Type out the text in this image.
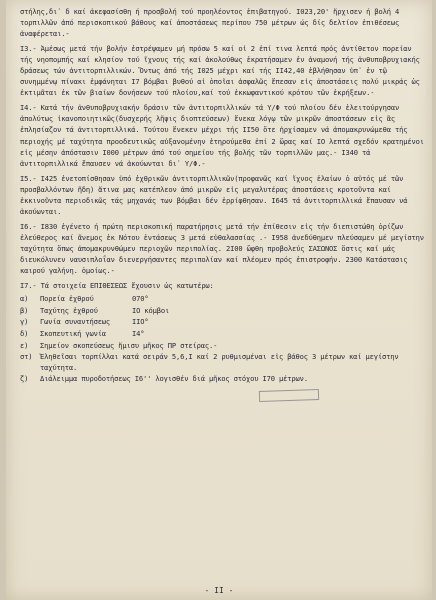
στήλης,δι᾽ δ καί ἀκεφασίσθη ή προσβολή τού προηλέοντος ἐπιβατηγού. Ι023,20' ἤρχισεν ή βολή 4 τορπιλλῶν ἀπό περισκοπικού βάθους καί ἀποστάσεως περίπου 750 μέτρων ώς δίς δελτίον ἐπιθέσεως ἀναφέρεται.-

Ι3.- Ἀμέσως μετά τήν βολήν ἐστρέψαμεν μή πρόσω 5 καί οἱ 2 ἐπί τινα λεπτά πρός ἀντίθετον πορείαν τής νηοπομπής καί κλησίον τού ἴχνους τής καί ἀκολούθως ἐκρατήσαμεν ἐν ἀναμονή τής ἀνθυποβρυχιακής δράσεως τών ἀντιτορπιλλικών. Ὄντως ἀπό τής Ι025 μέχρι καί τής ΙΙ42,40 ἐβλήθησαν ὑπ᾽ ἐν τῷ συνημμένῳ πίνακι ἐμφάνηται Ι7 βόμβαι βυθού αἱ ὁποῖαι ἀσφαλῶς ἔπεσαν εἰς ἀποστάσεις πολύ μικράς ὡς ἐκτιμᾶται ἐκ τῶν βιαίων δονήσεων τού πλοίου,καί τού ἐκκωφαντικού κρότου τῶν ἐκρήξεων.-

Ι4.- Κατά τήν ἀνθυποβρυχιακήν δράσιν τῶν ἀντιτορπιλλικών τά Υ/Φ τού πλοίου δέν ἐλειτούργησαν ἀπολύτως ἱκανοποιητικῶς(δυσχερής λῆψις διοπτεύσεων) ἕνεκα λόγῳ τῶν μικρῶν ἀποστάσεων εἰς ἃς ἐπλησίαζον τά ἀντιτορπιλλικά. Τούτου ἕνεκεν μέχρι τής ΙΙ50 ὅτε ἠρχίσαμεν νά ἀπομακρυνώμεθα τής περιοχής μέ ταχύτητα προοδευτικῶς αὐξανομένην ἐτηρούμεθα ἐπί 2 ὥρας καί ΙΟ λεπτά σχεδόν κρατημένοι εἰς μέσην ἀπόστασιν Ι000 μέτρων ἀπό τού σημείου τής βολής τῶν τορπιλλῶν μας.- Ι340 τά ἀντιτορπιλλικά ἔπαυσεν νά ἀκούωνται δι᾽ Υ/Φ.-

Ι5.- Ι425 ἐνετοπίσθησαν ὑπό ἐχθρικῶν ἀντιτορπιλλικῶν(προφανῶς καί ἴχνος ἐλαίων ὁ αὐτός μέ τῶν προσβαλλόντων ἤδη) ἅτινα μας κατέπλεον ἀπό μικρῶν εἰς μεγαλυτέρας ἀποστάσεις κροτοῦντα καί ἐκκινοῦντα περιοδικῶς τάς μηχανάς των βόμβαι δέν ἐρρίφθησαν. Ι645 τά ἀντιτορπιλλικά ἔπαυσαν νά ἀκούωνται.

Ι6.- Ι830 ἐγένετο ή πρώτη περισκοπική παρατήρησις μετά τήν ἐπίθεσιν εἰς τήν διεπιστώθη ὁρίζων ἐλεύθερος καί ἄνεμος ἐκ Νότου ἐντάσεως 3 μετά εὐθαλασσίας .- Ι958 ἀνεδύθημεν πλεύσαμεν μέ μεγίστην ταχύτητα ὅπως ἀπομακρυνθώμεν περιοχῶν περιπολίας. 2Ι00 ὤφθη προβολεύς ΣΑΣΩΝΟΣ ὅστις καί μάς διευκόλυνεν ναυσιπλοΐαν διενεργήσαντες περιπολίαν καί πλέομεν πρός ἐπιστροφήν. 2300 Κατάστασις καιρού γαλήνη. ὁμοίως.-

Ι7.- Τά στοιχεία ΕΠΙΘΕΣΕΩΣ ἔχουσιν ὡς κατωτέρω:

α)	Πορεία ἐχθρού	070°
β)	Ταχύτης ἐχθρού	ΙΟ κόμβοι
γ)	Γωνία συναντήσεως	ΙΙΟ°
δ)	Σκοπευτική γωνία	Ι4°
ε)	Σημείον σκοπεύσεως ἥμισυ μῆκος ΠΡ στείρας.-
στ)	Ἐληθεῖσαι τορπίλλαι κατά σειράν 5,6,Ι καί 2 ρυθμισμέναι εἰς βάθος 3 μέτρων καί μεγίστην ταχύτητα.
ζ)	Διάλειμμα πυροδοτήσεως Ι6'' λογισθέν διά μῆκος στόχου Ι70 μέτρων.
- ΙΙ -
